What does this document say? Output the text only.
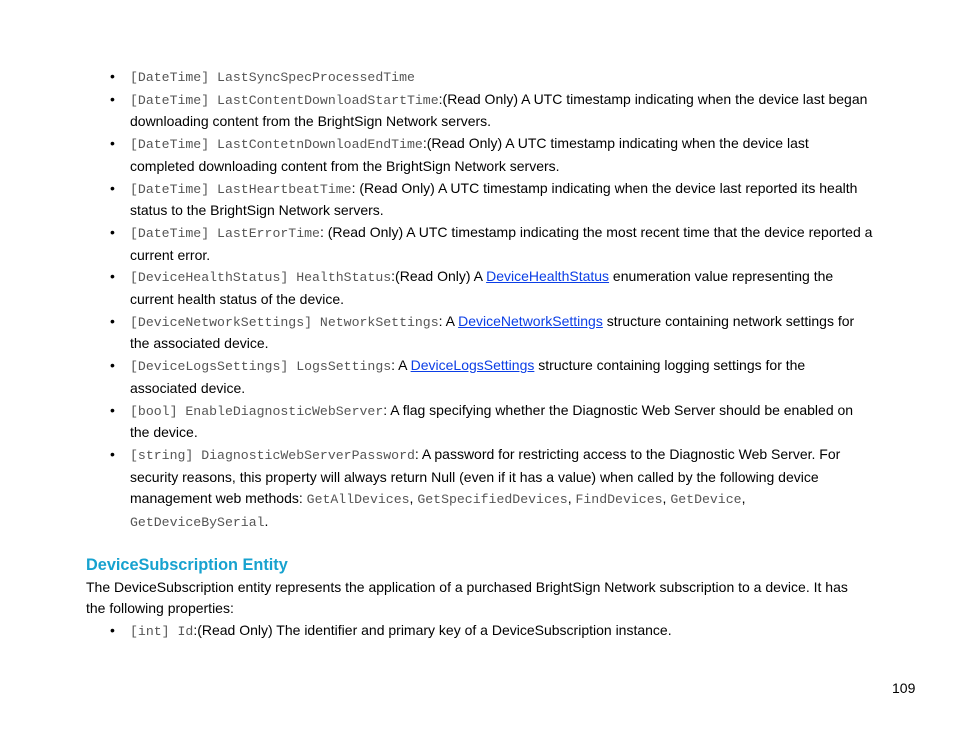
• [DateTime] LastSyncSpecProcessedTime
• [DateTime] LastContentDownloadStartTime:(Read Only) A UTC timestamp indicating when the device last began downloading content from the BrightSign Network servers.
• [DateTime] LastContetnDownloadEndTime:(Read Only) A UTC timestamp indicating when the device last completed downloading content from the BrightSign Network servers.
• [DateTime] LastHeartbeatTime: (Read Only) A UTC timestamp indicating when the device last reported its health status to the BrightSign Network servers.
• [DateTime] LastErrorTime: (Read Only) A UTC timestamp indicating the most recent time that the device reported a current error.
• [DeviceHealthStatus] HealthStatus:(Read Only) A DeviceHealthStatus enumeration value representing the current health status of the device.
• [DeviceNetworkSettings] NetworkSettings: A DeviceNetworkSettings structure containing network settings for the associated device.
• [DeviceLogsSettings] LogsSettings: A DeviceLogsSettings structure containing logging settings for the associated device.
• [bool] EnableDiagnosticWebServer: A flag specifying whether the Diagnostic Web Server should be enabled on the device.
• [string] DiagnosticWebServerPassword: A password for restricting access to the Diagnostic Web Server. For security reasons, this property will always return Null (even if it has a value) when called by the following device management web methods: GetAllDevices, GetSpecifiedDevices, FindDevices, GetDevice, GetDeviceBySerial.
DeviceSubscription Entity

The DeviceSubscription entity represents the application of a purchased BrightSign Network subscription to a device. It has the following properties:

• [int] Id:(Read Only) The identifier and primary key of a DeviceSubscription instance.
109
